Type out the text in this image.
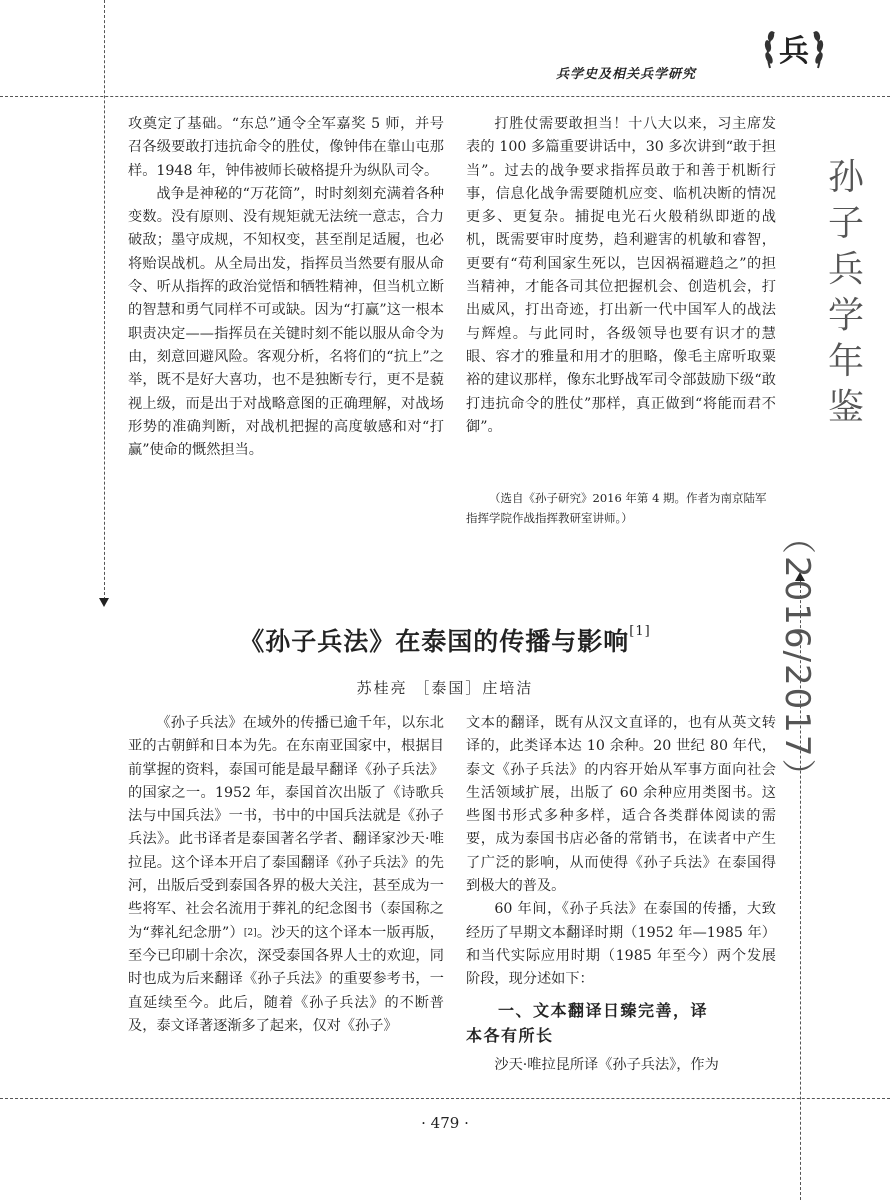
兵学史及相关兵学研究
兵
孙
子
兵
学
年
鉴
（2016/2017）

攻奠定了基础。“东总”通令全军嘉奖 5 师，并号召各级要敢打违抗命令的胜仗，像钟伟在靠山屯那样。1948 年，钟伟被师长破格提升为纵队司令。

战争是神秘的“万花筒”，时时刻刻充满着各种变数。没有原则、没有规矩就无法统一意志，合力破敌；墨守成规，不知权变，甚至削足适履，也必将贻误战机。从全局出发，指挥员当然要有服从命令、听从指挥的政治觉悟和牺牲精神，但当机立断的智慧和勇气同样不可或缺。因为“打赢”这一根本职责决定——指挥员在关键时刻不能以服从命令为由，刻意回避风险。客观分析，名将们的“抗上”之举，既不是好大喜功，也不是独断专行，更不是藐视上级，而是出于对战略意图的正确理解，对战场形势的准确判断，对战机把握的高度敏感和对“打赢”使命的慨然担当。

打胜仗需要敢担当！十八大以来，习主席发表的 100 多篇重要讲话中，30 多次讲到“敢于担当”。过去的战争要求指挥员敢于和善于机断行事，信息化战争需要随机应变、临机决断的情况更多、更复杂。捕捉电光石火般稍纵即逝的战机，既需要审时度势，趋利避害的机敏和睿智，更要有“苟利国家生死以，岂因祸福避趋之”的担当精神，才能各司其位把握机会、创造机会，打出威风，打出奇迹，打出新一代中国军人的战法与辉煌。与此同时，各级领导也要有识才的慧眼、容才的雅量和用才的胆略，像毛主席听取粟裕的建议那样，像东北野战军司令部鼓励下级“敢打违抗命令的胜仗”那样，真正做到“将能而君不御”。

（选自《孙子研究》2016 年第 4 期。作者为南京陆军指挥学院作战指挥教研室讲师。）
《孙子兵法》在泰国的传播与影响[1]
苏桂亮 ［泰国］庄培洁

《孙子兵法》在域外的传播已逾千年，以东北亚的古朝鲜和日本为先。在东南亚国家中，根据目前掌握的资料，泰国可能是最早翻译《孙子兵法》的国家之一。1952 年，泰国首次出版了《诗歌兵法与中国兵法》一书，书中的中国兵法就是《孙子兵法》。此书译者是泰国著名学者、翻译家沙天·唯拉昆。这个译本开启了泰国翻译《孙子兵法》的先河，出版后受到泰国各界的极大关注，甚至成为一些将军、社会名流用于葬礼的纪念图书（泰国称之为“葬礼纪念册”）[2]。沙天的这个译本一版再版，至今已印刷十余次，深受泰国各界人士的欢迎，同时也成为后来翻译《孙子兵法》的重要参考书，一直延续至今。此后，随着《孙子兵法》的不断普及，泰文译著逐渐多了起来，仅对《孙子》

文本的翻译，既有从汉文直译的，也有从英文转译的，此类译本达 10 余种。20 世纪 80 年代，泰文《孙子兵法》的内容开始从军事方面向社会生活领域扩展，出版了 60 余种应用类图书。这些图书形式多种多样，适合各类群体阅读的需要，成为泰国书店必备的常销书，在读者中产生了广泛的影响，从而使得《孙子兵法》在泰国得到极大的普及。

60 年间，《孙子兵法》在泰国的传播，大致经历了早期文本翻译时期（1952 年—1985 年）和当代实际应用时期（1985 年至今）两个发展阶段，现分述如下：

一、文本翻译日臻完善，译
本各有所长

沙天·唯拉昆所译《孙子兵法》，作为

· 479 ·
